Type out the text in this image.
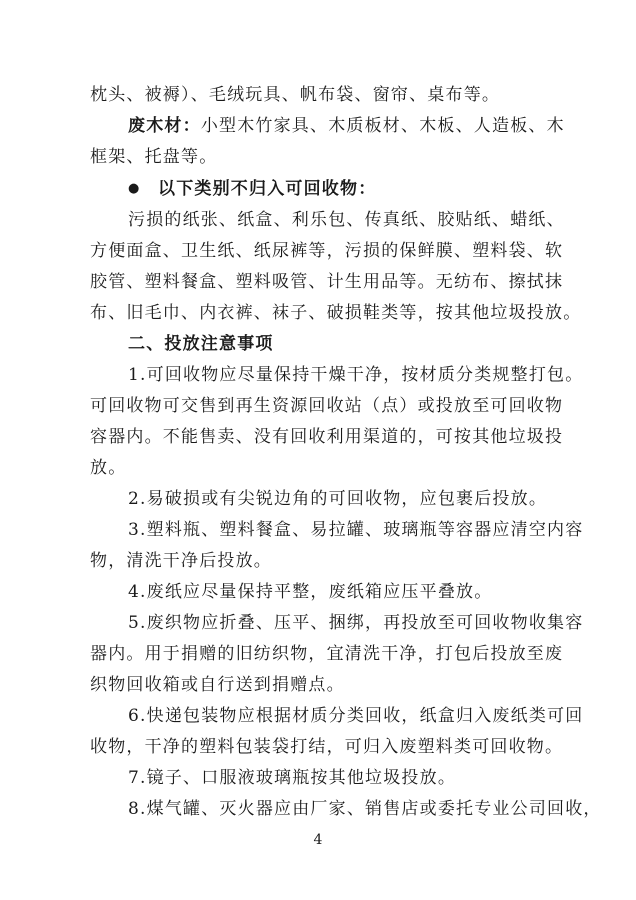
枕头、被褥）、毛绒玩具、帆布袋、窗帘、桌布等。
废木材：小型木竹家具、木质板材、木板、人造板、木
框架、托盘等。
● 以下类别不归入可回收物：
污损的纸张、纸盒、利乐包、传真纸、胶贴纸、蜡纸、
方便面盒、卫生纸、纸尿裤等，污损的保鲜膜、塑料袋、软
胶管、塑料餐盒、塑料吸管、计生用品等。无纺布、擦拭抹
布、旧毛巾、内衣裤、袜子、破损鞋类等，按其他垃圾投放。
二、投放注意事项
1.可回收物应尽量保持干燥干净，按材质分类规整打包。
可回收物可交售到再生资源回收站（点）或投放至可回收物
容器内。不能售卖、没有回收利用渠道的，可按其他垃圾投
放。
2.易破损或有尖锐边角的可回收物，应包裹后投放。
3.塑料瓶、塑料餐盒、易拉罐、玻璃瓶等容器应清空内容
物，清洗干净后投放。
4.废纸应尽量保持平整，废纸箱应压平叠放。
5.废织物应折叠、压平、捆绑，再投放至可回收物收集容
器内。用于捐赠的旧纺织物，宜清洗干净，打包后投放至废
织物回收箱或自行送到捐赠点。
6.快递包装物应根据材质分类回收，纸盒归入废纸类可回
收物，干净的塑料包装袋打结，可归入废塑料类可回收物。
7.镜子、口服液玻璃瓶按其他垃圾投放。
8.煤气罐、灭火器应由厂家、销售店或委托专业公司回收，
4
